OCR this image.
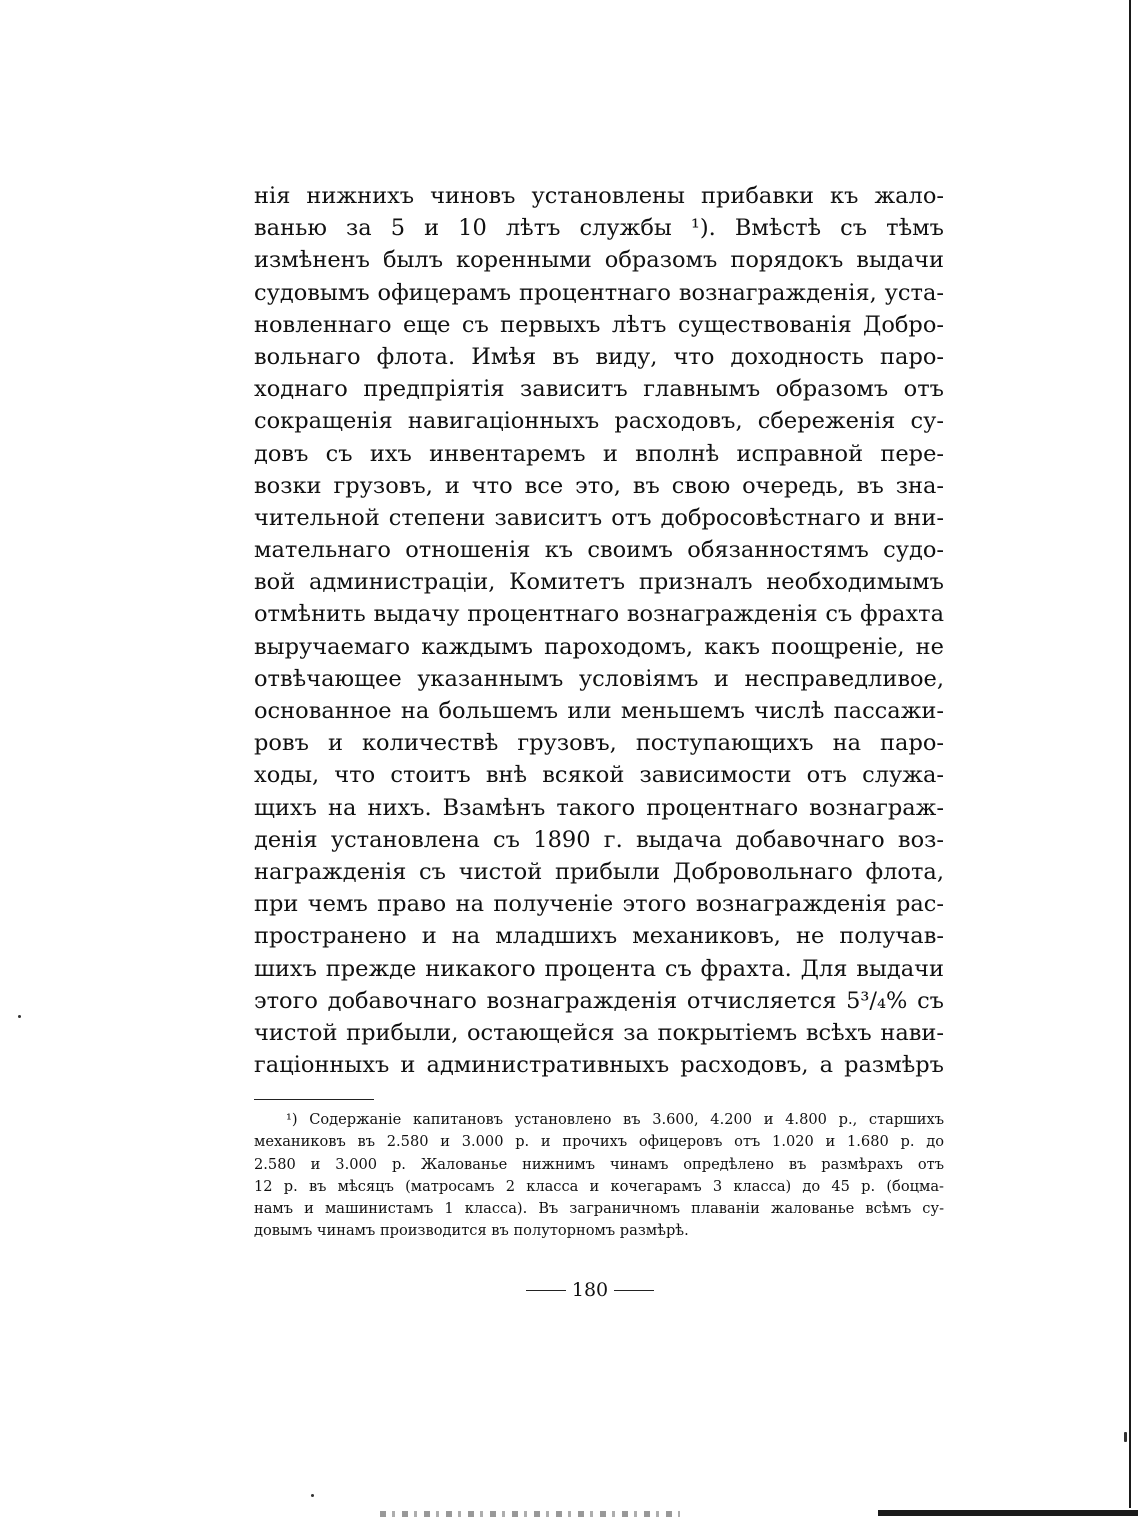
нія нижнихъ чиновъ установлены прибавки къ жало-
ванью за 5 и 10 лѣтъ службы ¹). Вмѣстѣ съ тѣмъ
измѣненъ былъ коренными образомъ порядокъ выдачи
судовымъ офицерамъ процентнаго вознагражденія, уста-
новленнаго еще съ первыхъ лѣтъ существованія Добро-
вольнаго флота. Имѣя въ виду, что доходность паро-
ходнаго предпріятія зависитъ главнымъ образомъ отъ
сокращенія навигаціонныхъ расходовъ, сбереженія су-
довъ съ ихъ инвентаремъ и вполнѣ исправной пере-
возки грузовъ, и что все это, въ свою очередь, въ зна-
чительной степени зависитъ отъ добросовѣстнаго и вни-
мательнаго отношенія къ своимъ обязанностямъ судо-
вой администраціи, Комитетъ призналъ необходимымъ
отмѣнить выдачу процентнаго вознагражденія съ фрахта
выручаемаго каждымъ пароходомъ, какъ поощреніе, не
отвѣчающее указаннымъ условіямъ и несправедливое,
основанное на большемъ или меньшемъ числѣ пассажи-
ровъ и количествѣ грузовъ, поступающихъ на паро-
ходы, что стоитъ внѣ всякой зависимости отъ служа-
щихъ на нихъ. Взамѣнъ такого процентнаго вознаграж-
денія установлена съ 1890 г. выдача добавочнаго воз-
награжденія съ чистой прибыли Добровольнаго флота,
при чемъ право на полученіе этого вознагражденія рас-
пространено и на младшихъ механиковъ, не получав-
шихъ прежде никакого процента съ фрахта. Для выдачи
этого добавочнаго вознагражденія отчисляется 5³/₄% съ
чистой прибыли, остающейся за покрытіемъ всѣхъ нави-
гаціонныхъ и административныхъ расходовъ, а размѣръ
¹) Содержаніе капитановъ установлено въ 3.600, 4.200 и 4.800 р., старшихъ
механиковъ въ 2.580 и 3.000 р. и прочихъ офицеровъ отъ 1.020 и 1.680 р. до
2.580 и 3.000 р. Жалованье нижнимъ чинамъ опредѣлено въ размѣрахъ отъ
12 р. въ мѣсяцъ (матросамъ 2 класса и кочегарамъ 3 класса) до 45 р. (боцма-
намъ и машинистамъ 1 класса). Въ заграничномъ плаваніи жалованье всѣмъ су-
довымъ чинамъ производится въ полуторномъ размѣрѣ.
180
